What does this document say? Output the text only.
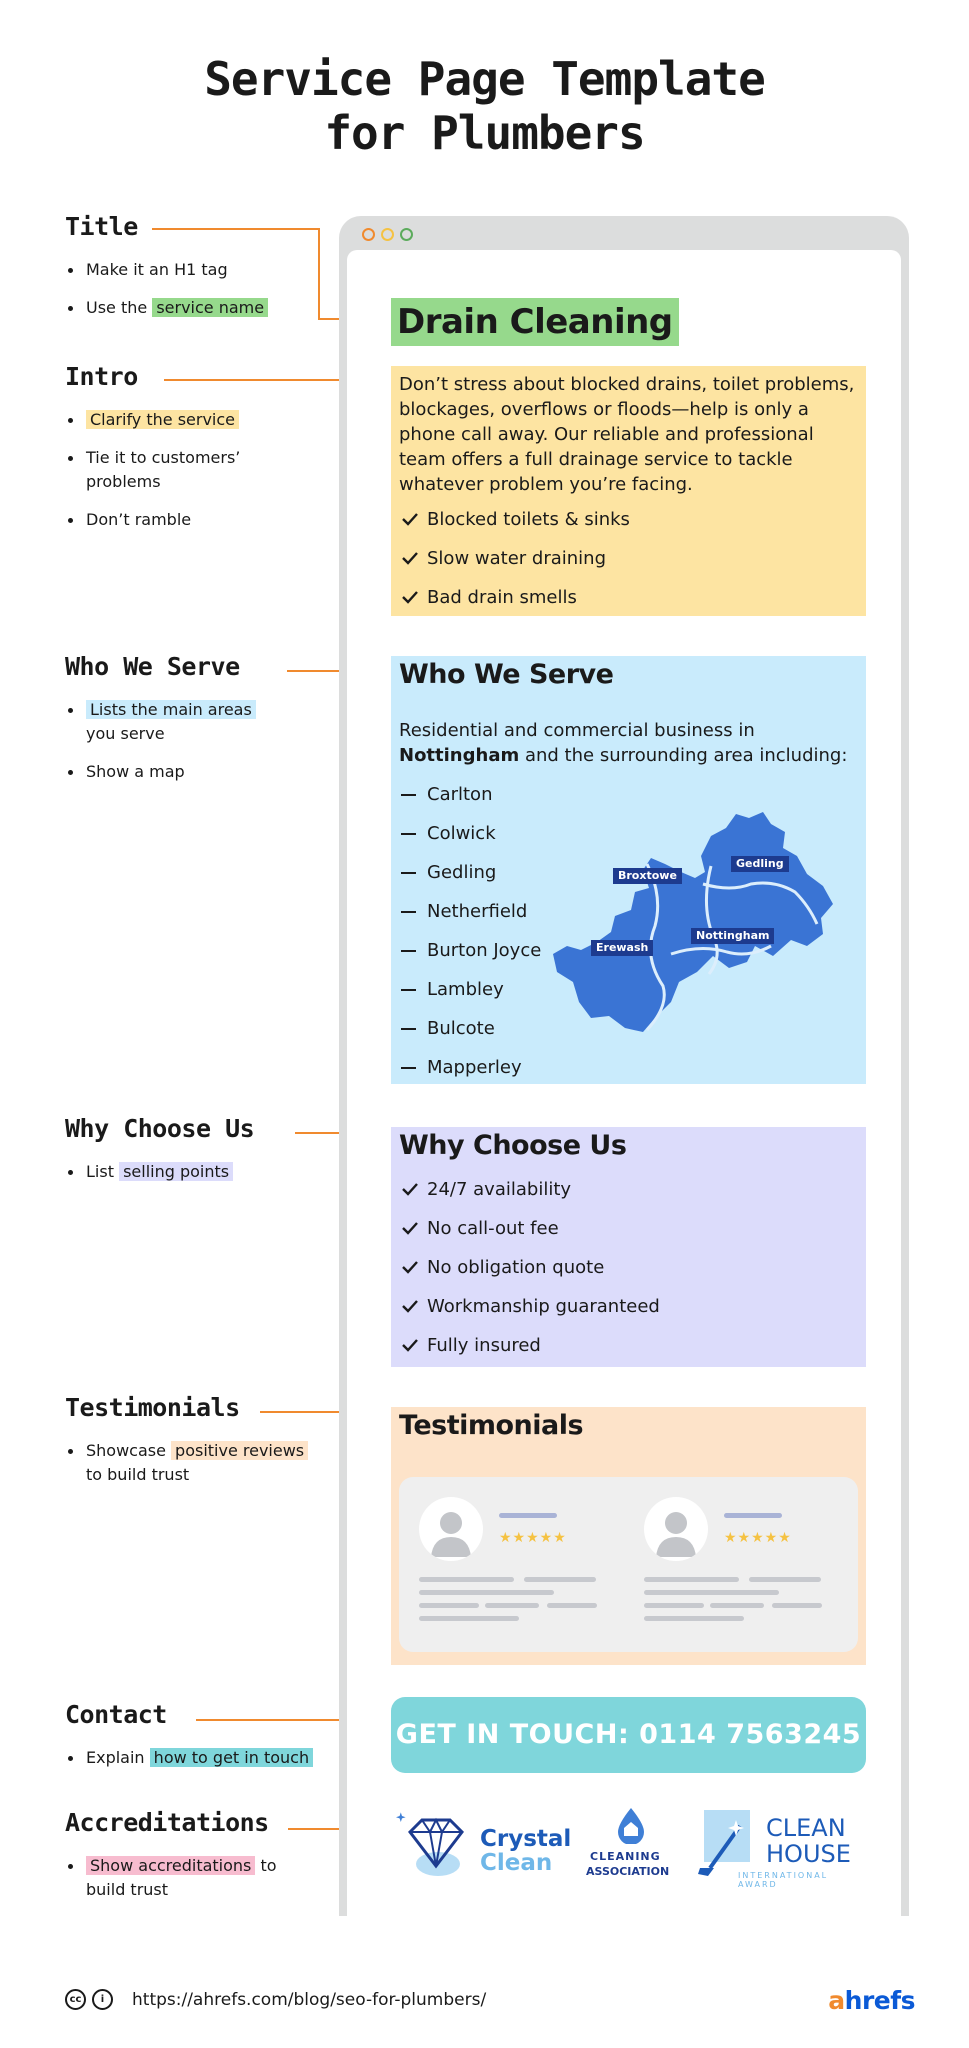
Service Page Template
for Plumbers
Title
Make it an H1 tag
Use the service name
Intro
Clarify the service
Tie it to customers’ problems
Don’t ramble
Who We Serve
Lists the main areas you serve
Show a map
Why Choose Us
List selling points
Testimonials
Showcase positive reviews to build trust
Contact
Explain how to get in touch
Accreditations
Show accreditations to build trust
Drain Cleaning

Don’t stress about blocked drains, toilet problems, blockages, overflows or floods—help is only a phone call away. Our reliable and professional team offers a full drainage service to tackle whatever problem you’re facing.

Blocked toilets & sinks
Slow water draining
Bad drain smells
Who We Serve

Residential and commercial business in Nottingham and the surrounding area including:

Carlton
Colwick
Gedling
Netherfield
Burton Joyce
Lambley
Bulcote
Mapperley
Broxtowe
Gedling
Nottingham
Erewash
Why Choose Us
24/7 availability
No call-out fee
No obligation quote
Workmanship guaranteed
Fully insured
Testimonials
★★★★★	★★★★★
GET IN TOUCH: 0114 7563245
Crystal
Clean	CLEANING
ASSOCIATION
CLEAN
HOUSE
INTERNATIONAL AWARD
cc	i	https://ahrefs.com/blog/seo-for-plumbers/	ahrefs
